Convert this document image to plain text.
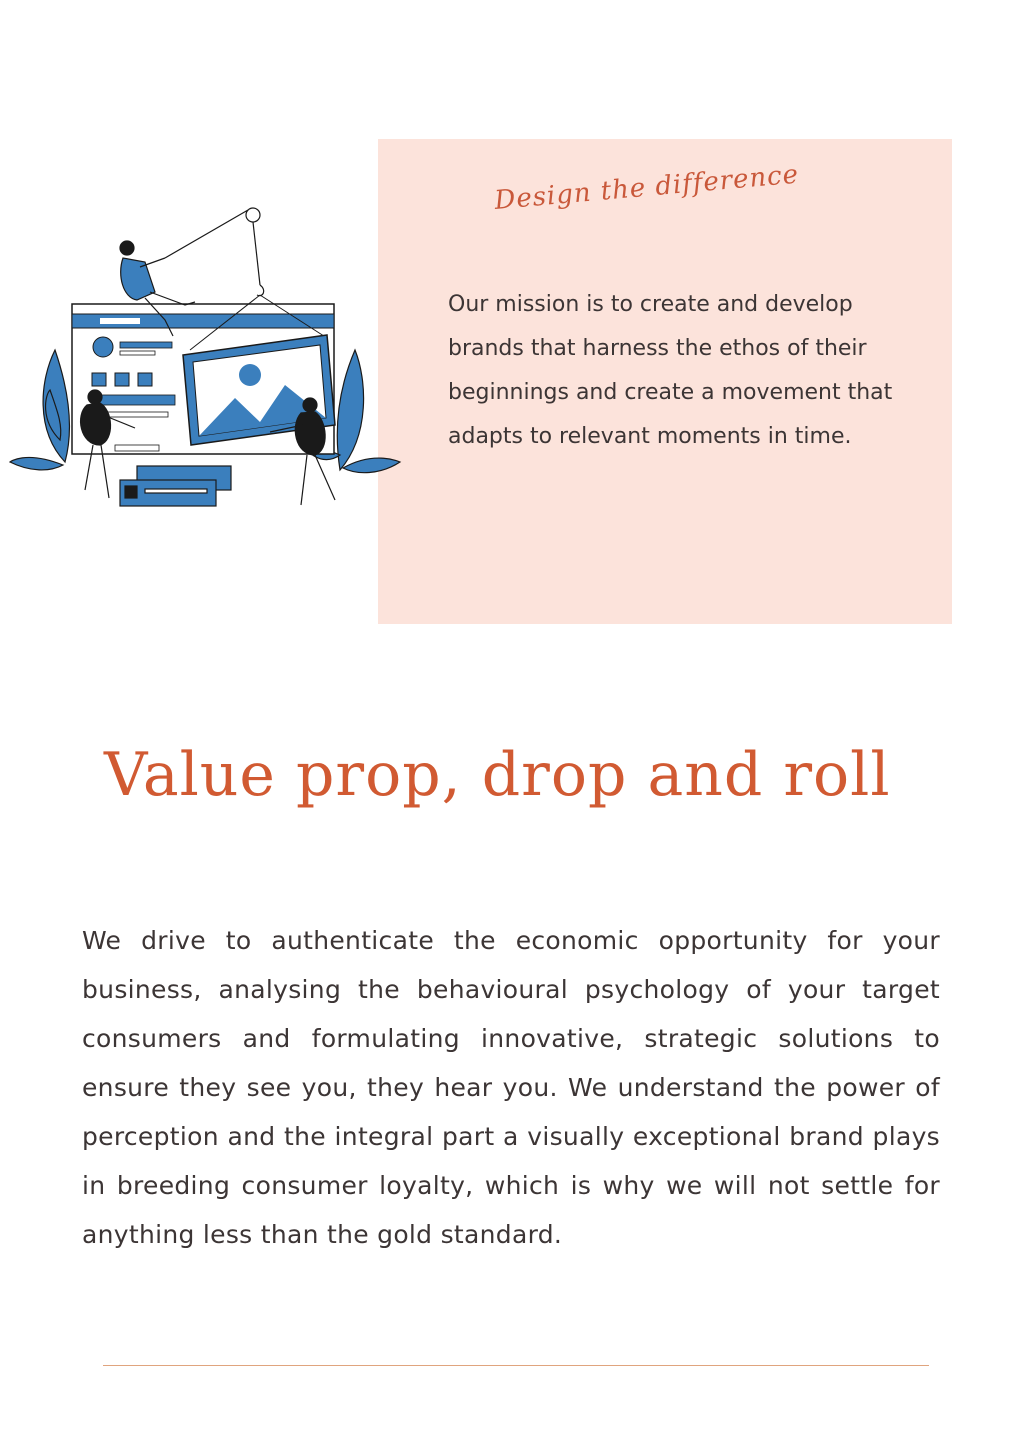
Design the difference

Our mission is to create and develop brands that harness the ethos of their beginnings and create a movement that adapts to relevant moments in time.

Value prop, drop and roll

We drive to authenticate the economic opportunity for your business, analysing the behavioural psychology of your target consumers and formulating innovative, strategic solutions to ensure they see you, they hear you. We understand the power of perception and the integral part a visually exceptional brand plays in breeding consumer loyalty, which is why we will not settle for anything less than the gold standard.
